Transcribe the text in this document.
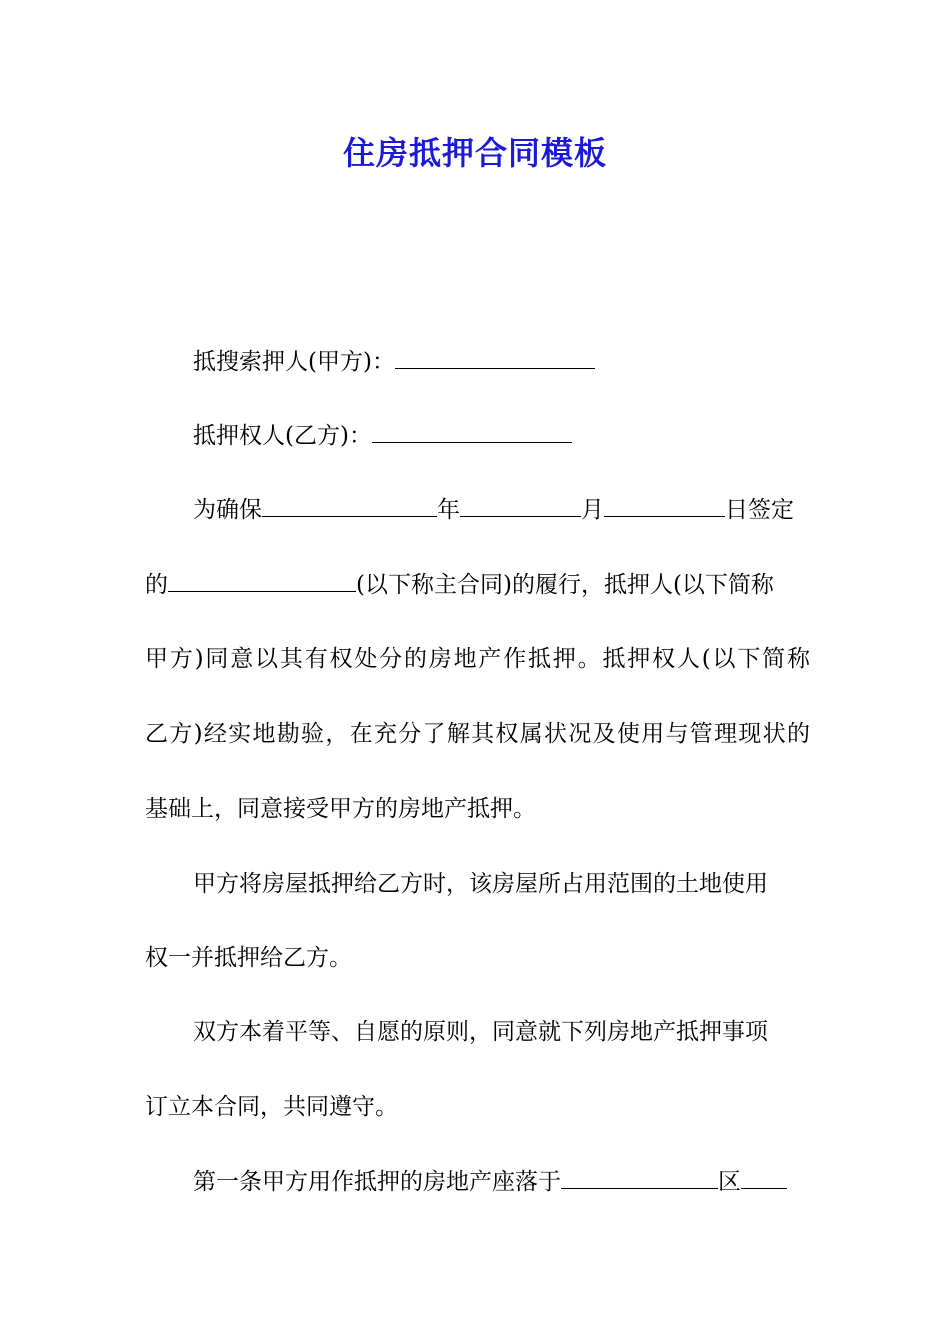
住房抵押合同模板

抵搜索押人(甲方)：

抵押权人(乙方)：

为确保	年	月	日签定

的	(以下称主合同)的履行，抵押人(以下简称

甲方)同意以其有权处分的房地产作抵押。抵押权人(以下简称

乙方)经实地勘验，在充分了解其权属状况及使用与管理现状的

基础上，同意接受甲方的房地产抵押。

甲方将房屋抵押给乙方时，该房屋所占用范围的土地使用

权一并抵押给乙方。

双方本着平等、自愿的原则，同意就下列房地产抵押事项

订立本合同，共同遵守。

第一条甲方用作抵押的房地产座落于	区
